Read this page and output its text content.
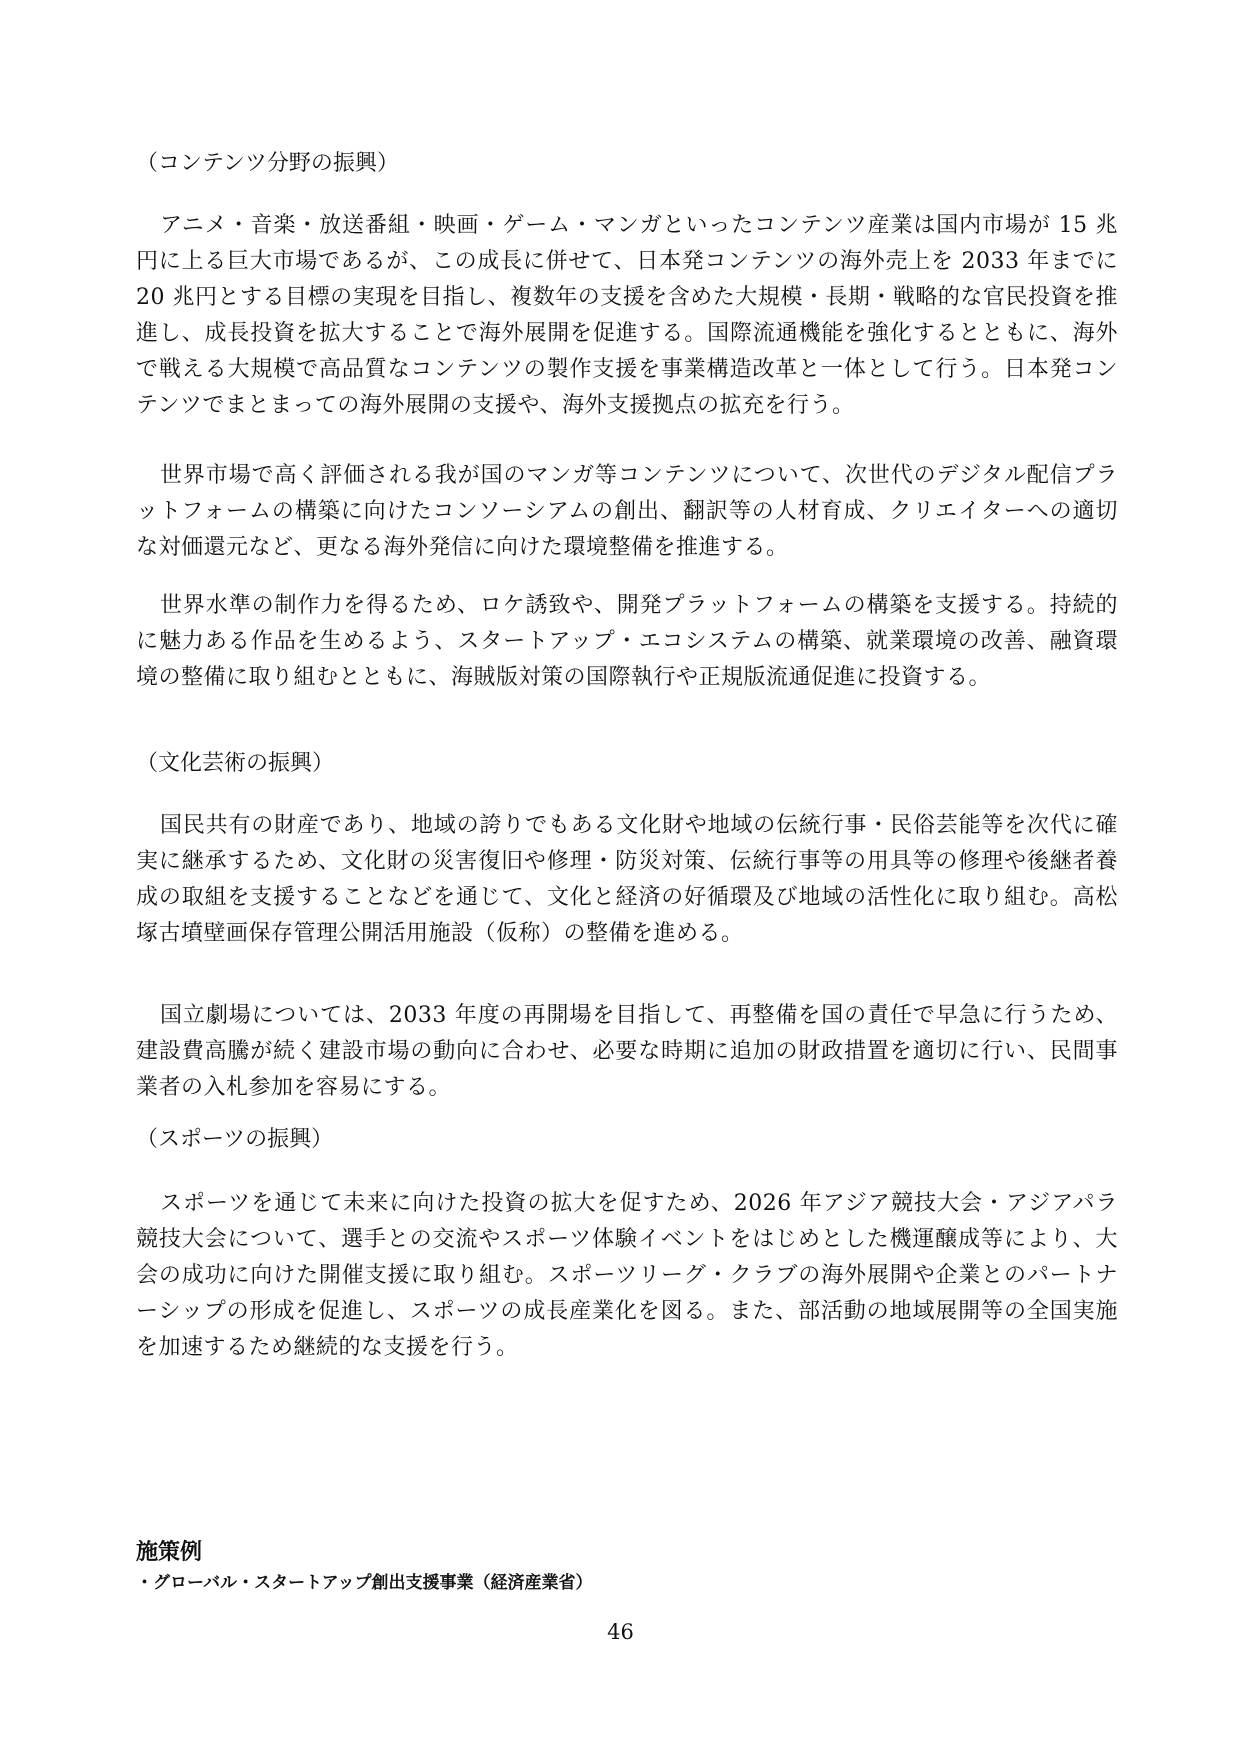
（コンテンツ分野の振興）
アニメ・音楽・放送番組・映画・ゲーム・マンガといったコンテンツ産業は国内市場が 15 兆円に上る巨大市場であるが、この成長に併せて、日本発コンテンツの海外売上を 2033 年までに 20 兆円とする目標の実現を目指し、複数年の支援を含めた大規模・長期・戦略的な官民投資を推進し、成長投資を拡大することで海外展開を促進する。国際流通機能を強化するとともに、海外で戦える大規模で高品質なコンテンツの製作支援を事業構造改革と一体として行う。日本発コンテンツでまとまっての海外展開の支援や、海外支援拠点の拡充を行う。
世界市場で高く評価される我が国のマンガ等コンテンツについて、次世代のデジタル配信プラットフォームの構築に向けたコンソーシアムの創出、翻訳等の人材育成、クリエイターへの適切な対価還元など、更なる海外発信に向けた環境整備を推進する。
世界水準の制作力を得るため、ロケ誘致や、開発プラットフォームの構築を支援する。持続的に魅力ある作品を生めるよう、スタートアップ・エコシステムの構築、就業環境の改善、融資環境の整備に取り組むとともに、海賊版対策の国際執行や正規版流通促進に投資する。
（文化芸術の振興）
国民共有の財産であり、地域の誇りでもある文化財や地域の伝統行事・民俗芸能等を次代に確実に継承するため、文化財の災害復旧や修理・防災対策、伝統行事等の用具等の修理や後継者養成の取組を支援することなどを通じて、文化と経済の好循環及び地域の活性化に取り組む。高松塚古墳壁画保存管理公開活用施設（仮称）の整備を進める。
国立劇場については、2033 年度の再開場を目指して、再整備を国の責任で早急に行うため、建設費高騰が続く建設市場の動向に合わせ、必要な時期に追加の財政措置を適切に行い、民間事業者の入札参加を容易にする。
（スポーツの振興）
スポーツを通じて未来に向けた投資の拡大を促すため、2026 年アジア競技大会・アジアパラ競技大会について、選手との交流やスポーツ体験イベントをはじめとした機運醸成等により、大会の成功に向けた開催支援に取り組む。スポーツリーグ・クラブの海外展開や企業とのパートナーシップの形成を促進し、スポーツの成長産業化を図る。また、部活動の地域展開等の全国実施を加速するため継続的な支援を行う。
施策例
・グローバル・スタートアップ創出支援事業（経済産業省）
46
